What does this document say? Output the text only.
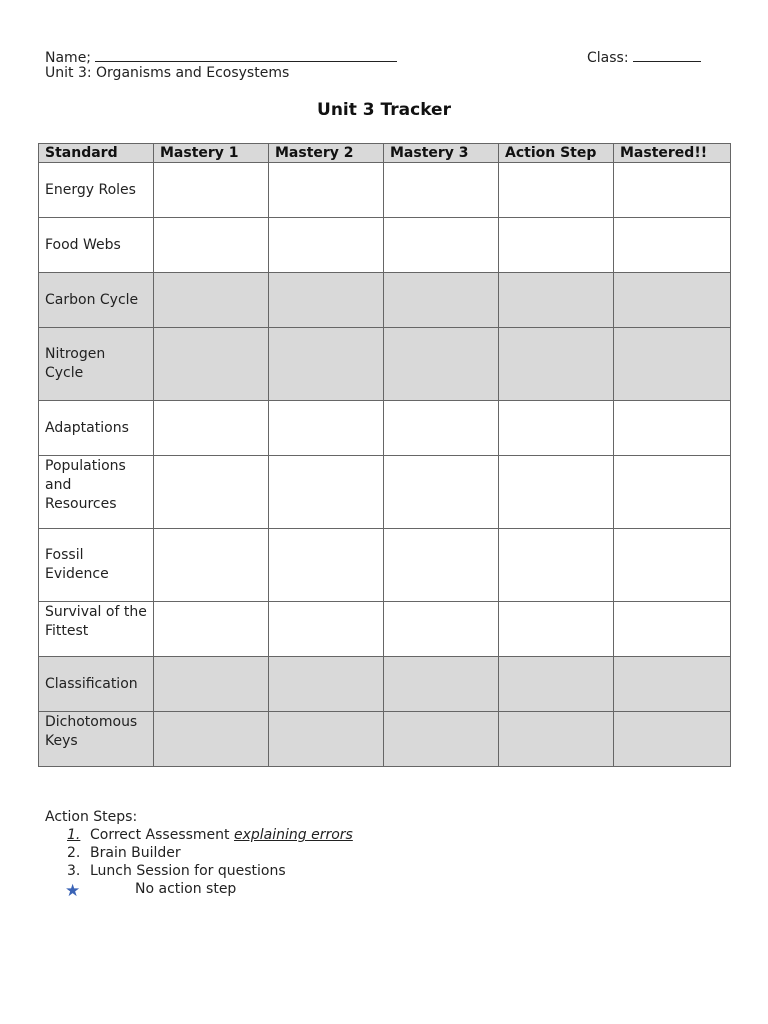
Name;	Class:
Unit 3: Organisms and Ecosystems
Unit 3 Tracker
Standard	Mastery 1	Mastery 2	Mastery 3	Action Step	Mastered!!
Energy Roles					
Food Webs					
Carbon Cycle					
Nitrogen Cycle					
Adaptations					
Populations and Resources					
Fossil Evidence					
Survival of the Fittest					
Classification					
Dichotomous Keys					
Action Steps:
1. Correct Assessment explaining errors
2. Brain Builder
3. Lunch Session for questions
★	No action step
